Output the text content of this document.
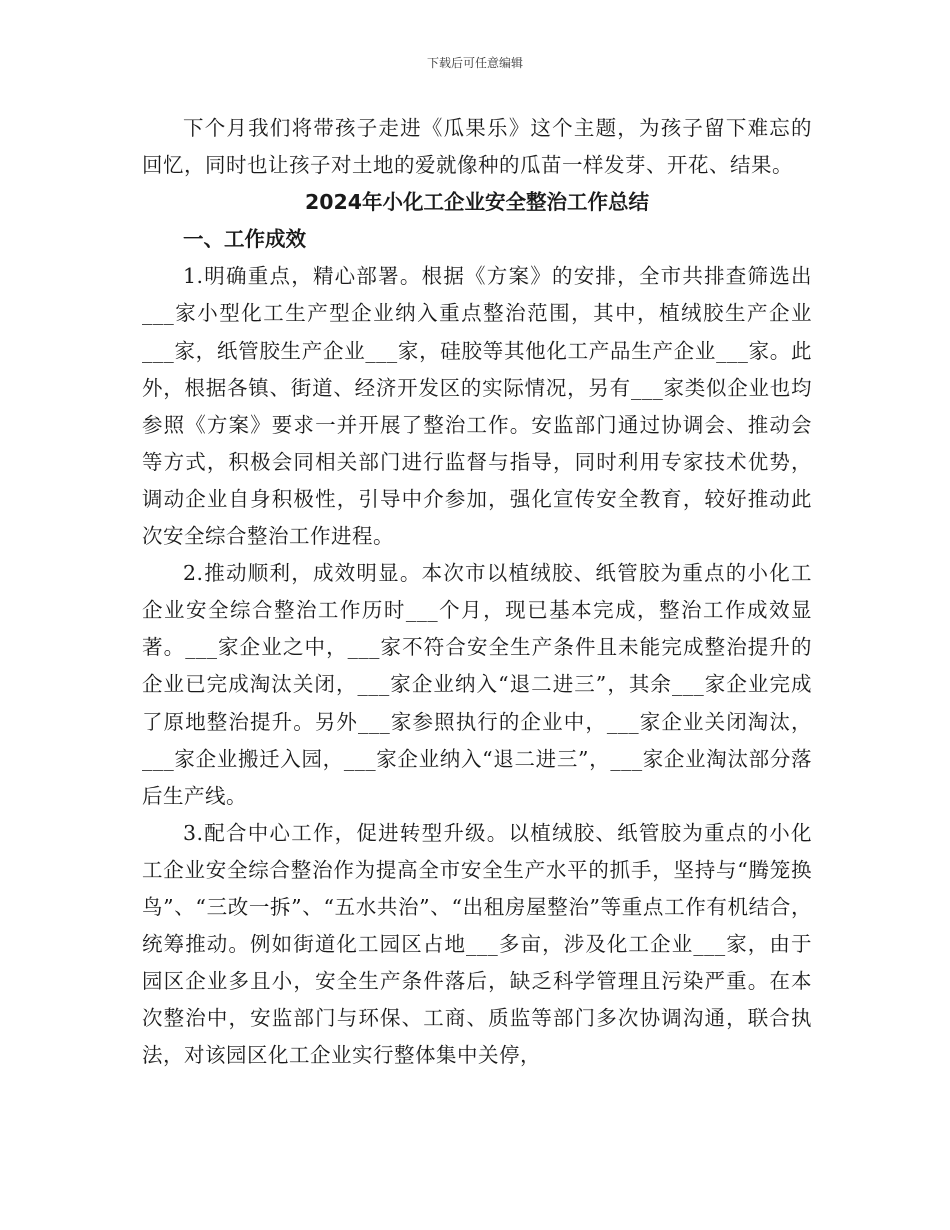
下载后可任意编辑

下个月我们将带孩子走进《瓜果乐》这个主题，为孩子留下难忘的回忆，同时也让孩子对土地的爱就像种的瓜苗一样发芽、开花、结果。

2024年小化工企业安全整治工作总结

一、工作成效

1.明确重点，精心部署。根据《方案》的安排，全市共排查筛选出___家小型化工生产型企业纳入重点整治范围，其中，植绒胶生产企业___家，纸管胶生产企业___家，硅胶等其他化工产品生产企业___家。此外，根据各镇、街道、经济开发区的实际情况，另有___家类似企业也均参照《方案》要求一并开展了整治工作。安监部门通过协调会、推动会等方式，积极会同相关部门进行监督与指导，同时利用专家技术优势，调动企业自身积极性，引导中介参加，强化宣传安全教育，较好推动此次安全综合整治工作进程。

2.推动顺利，成效明显。本次市以植绒胶、纸管胶为重点的小化工企业安全综合整治工作历时___个月，现已基本完成，整治工作成效显著。___家企业之中，___家不符合安全生产条件且未能完成整治提升的企业已完成淘汰关闭，___家企业纳入“退二进三”，其余___家企业完成了原地整治提升。另外___家参照执行的企业中，___家企业关闭淘汰，___家企业搬迁入园，___家企业纳入“退二进三”，___家企业淘汰部分落后生产线。

3.配合中心工作，促进转型升级。以植绒胶、纸管胶为重点的小化工企业安全综合整治作为提高全市安全生产水平的抓手，坚持与“腾笼换鸟”、“三改一拆”、“五水共治”、“出租房屋整治”等重点工作有机结合，统筹推动。例如街道化工园区占地___多亩，涉及化工企业___家，由于园区企业多且小，安全生产条件落后，缺乏科学管理且污染严重。在本次整治中，安监部门与环保、工商、质监等部门多次协调沟通，联合执法，对该园区化工企业实行整体集中关停，
